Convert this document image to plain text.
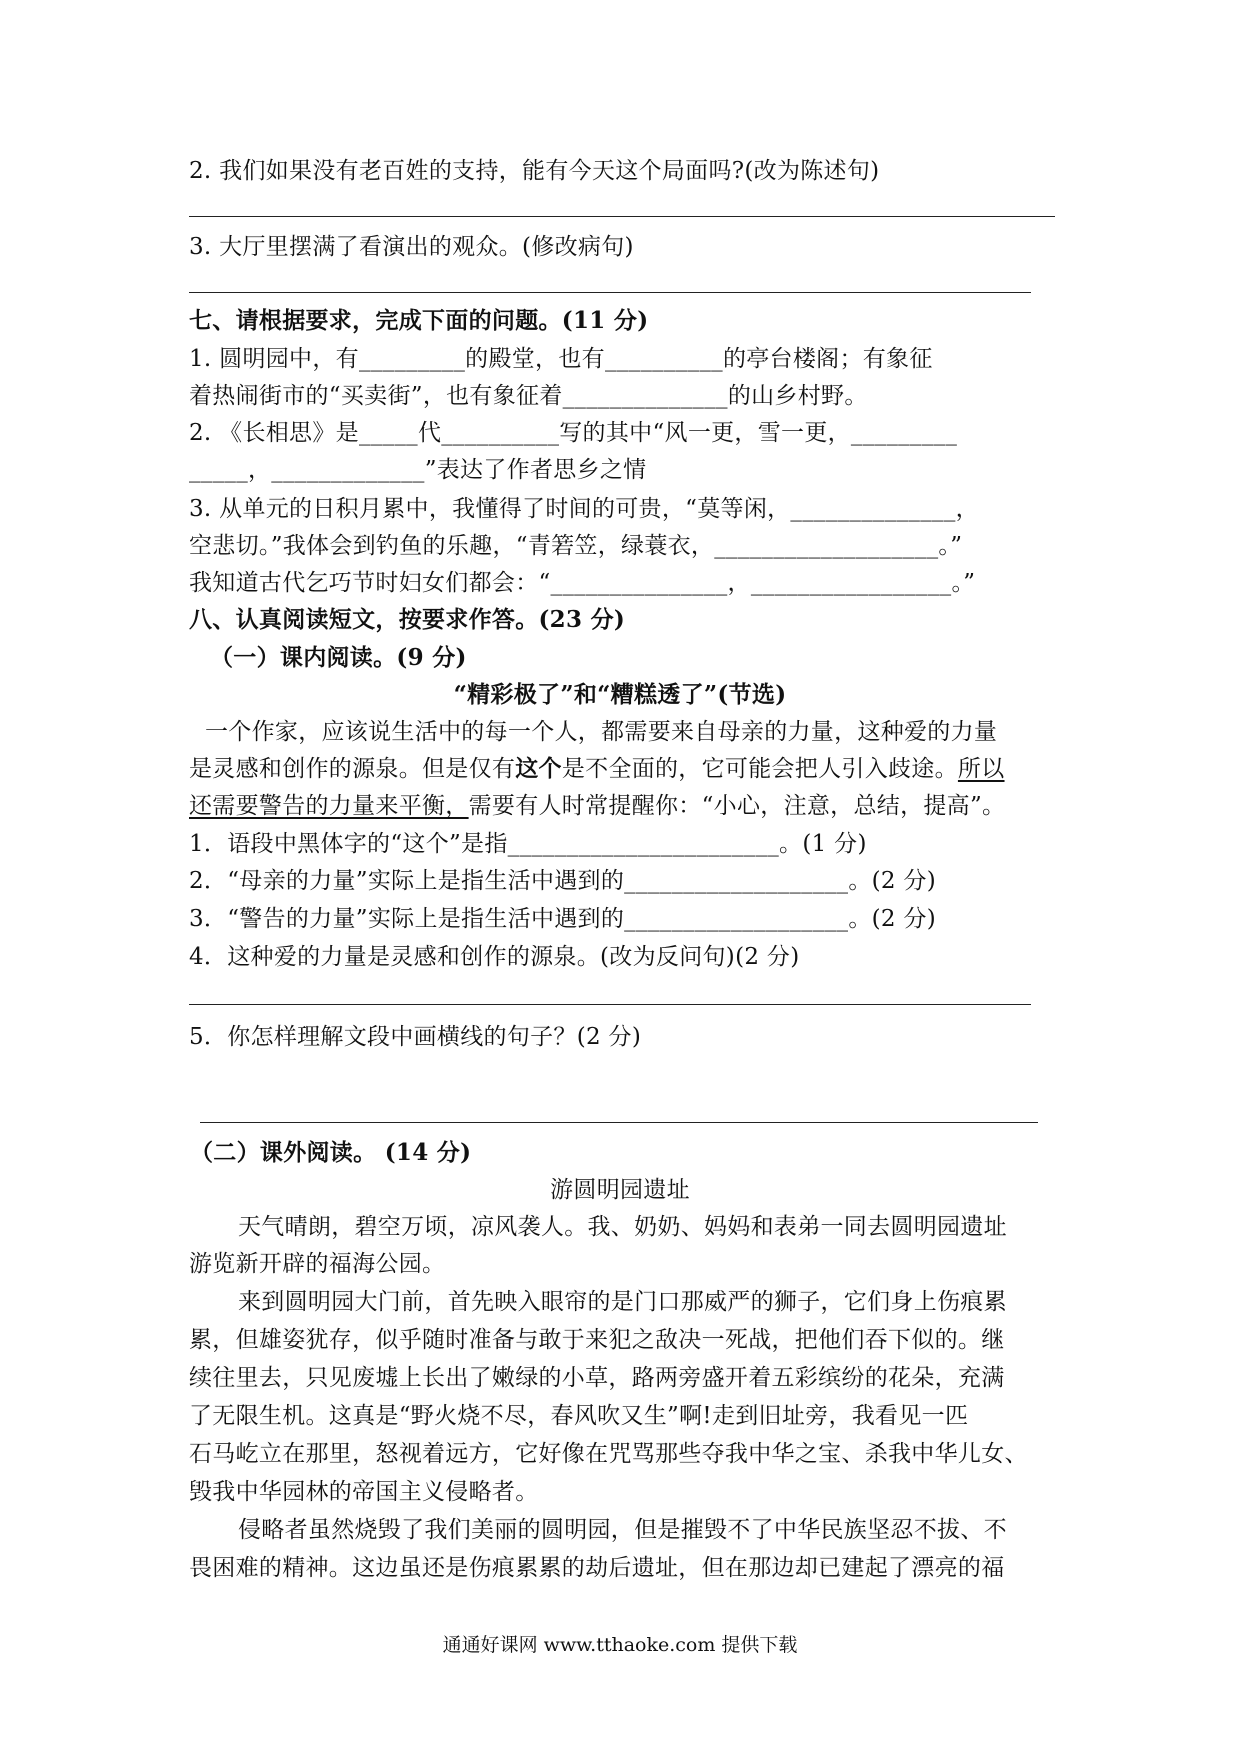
2. 我们如果没有老百姓的支持，能有今天这个局面吗?(改为陈述句)
3. 大厅里摆满了看演出的观众。(修改病句)
七、请根据要求，完成下面的问题。(11 分)
1. 圆明园中，有_________的殿堂，也有__________的亭台楼阁；有象征
着热闹街市的“买卖街”，也有象征着______________的山乡村野。
2. 《长相思》是_____代__________写的其中“风一更，雪一更，_________
_____，_____________”表达了作者思乡之情
3. 从单元的日积月累中，我懂得了时间的可贵，“莫等闲，______________，
空悲切。”我体会到钓鱼的乐趣，“青箬笠，绿蓑衣，___________________。”
我知道古代乞巧节时妇女们都会：“_______________，_________________。”
八、认真阅读短文，按要求作答。(23 分)
（一）课内阅读。(9 分)
“精彩极了”和“糟糕透了”(节选)
一个作家，应该说生活中的每一个人，都需要来自母亲的力量，这种爱的力量
是灵感和创作的源泉。但是仅有这个是不全面的，它可能会把人引入歧途。所以
还需要警告的力量来平衡，需要有人时常提醒你：“小心，注意，总结，提高”。
1．语段中黑体字的“这个”是指_______________________。(1 分)
2．“母亲的力量”实际上是指生活中遇到的___________________。(2 分)
3．“警告的力量”实际上是指生活中遇到的___________________。(2 分)
4．这种爱的力量是灵感和创作的源泉。(改为反问句)(2 分)
5．你怎样理解文段中画横线的句子？(2 分)
（二）课外阅读。 (14 分)
游圆明园遗址
天气晴朗，碧空万顷，凉风袭人。我、奶奶、妈妈和表弟一同去圆明园遗址
游览新开辟的福海公园。
来到圆明园大门前，首先映入眼帘的是门口那威严的狮子，它们身上伤痕累
累，但雄姿犹存，似乎随时准备与敢于来犯之敌决一死战，把他们吞下似的。继
续往里去，只见废墟上长出了嫩绿的小草，路两旁盛开着五彩缤纷的花朵，充满
了无限生机。这真是“野火烧不尽，春风吹又生”啊!走到旧址旁，我看见一匹
石马屹立在那里，怒视着远方，它好像在咒骂那些夺我中华之宝、杀我中华儿女、
毁我中华园林的帝国主义侵略者。
侵略者虽然烧毁了我们美丽的圆明园，但是摧毁不了中华民族坚忍不拔、不
畏困难的精神。这边虽还是伤痕累累的劫后遗址，但在那边却已建起了漂亮的福
通通好课网 www.tthaoke.com 提供下载
